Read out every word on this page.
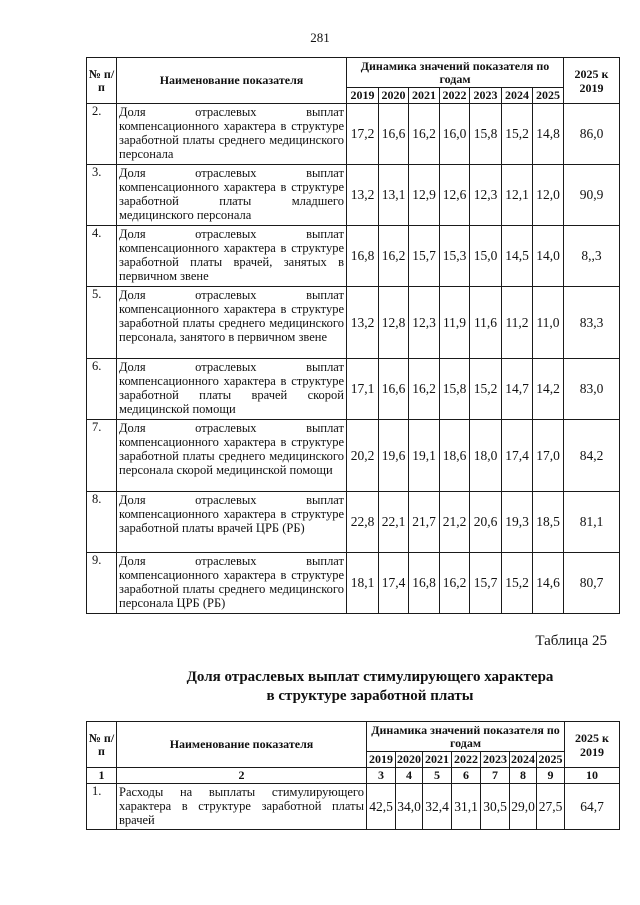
281
№ п/п	Наименование показателя	Динамика значений показателя по годам							2025 к 2019
		2019	2020	2021	2022	2023	2024	2025	
2.	Доля отраслевых выплат компенсационного характера в структуре заработной платы среднего медицинского персонала	17,2	16,6	16,2	16,0	15,8	15,2	14,8	86,0
3.	Доля отраслевых выплат компенсационного характера в структуре заработной платы младшего медицинского персонала	13,2	13,1	12,9	12,6	12,3	12,1	12,0	90,9
4.	Доля отраслевых выплат компенсационного характера в структуре заработной платы врачей, занятых в первичном звене	16,8	16,2	15,7	15,3	15,0	14,5	14,0	8,,3
5.	Доля отраслевых выплат компенсационного характера в структуре заработной платы среднего медицинского персонала, занятого в первичном звене	13,2	12,8	12,3	11,9	11,6	11,2	11,0	83,3
6.	Доля отраслевых выплат компенсационного характера в структуре заработной платы врачей скорой медицинской помощи	17,1	16,6	16,2	15,8	15,2	14,7	14,2	83,0
7.	Доля отраслевых выплат компенсационного характера в структуре заработной платы среднего медицинского персонала скорой медицинской помощи	20,2	19,6	19,1	18,6	18,0	17,4	17,0	84,2
8.	Доля отраслевых выплат компенсационного характера в структуре заработной платы врачей ЦРБ (РБ)	22,8	22,1	21,7	21,2	20,6	19,3	18,5	81,1
9.	Доля отраслевых выплат компенсационного характера в структуре заработной платы среднего медицинского персонала ЦРБ (РБ)	18,1	17,4	16,8	16,2	15,7	15,2	14,6	80,7
Таблица 25
Доля отраслевых выплат стимулирующего характера
в структуре заработной платы
№ п/п	Наименование показателя	Динамика значений показателя по годам							2025 к 2019
		2019	2020	2021	2022	2023	2024	2025	
1	2	3	4	5	6	7	8	9	10
1.	Расходы на выплаты стимулирующего характера в структуре заработной платы врачей	42,5	34,0	32,4	31,1	30,5	29,0	27,5	64,7
